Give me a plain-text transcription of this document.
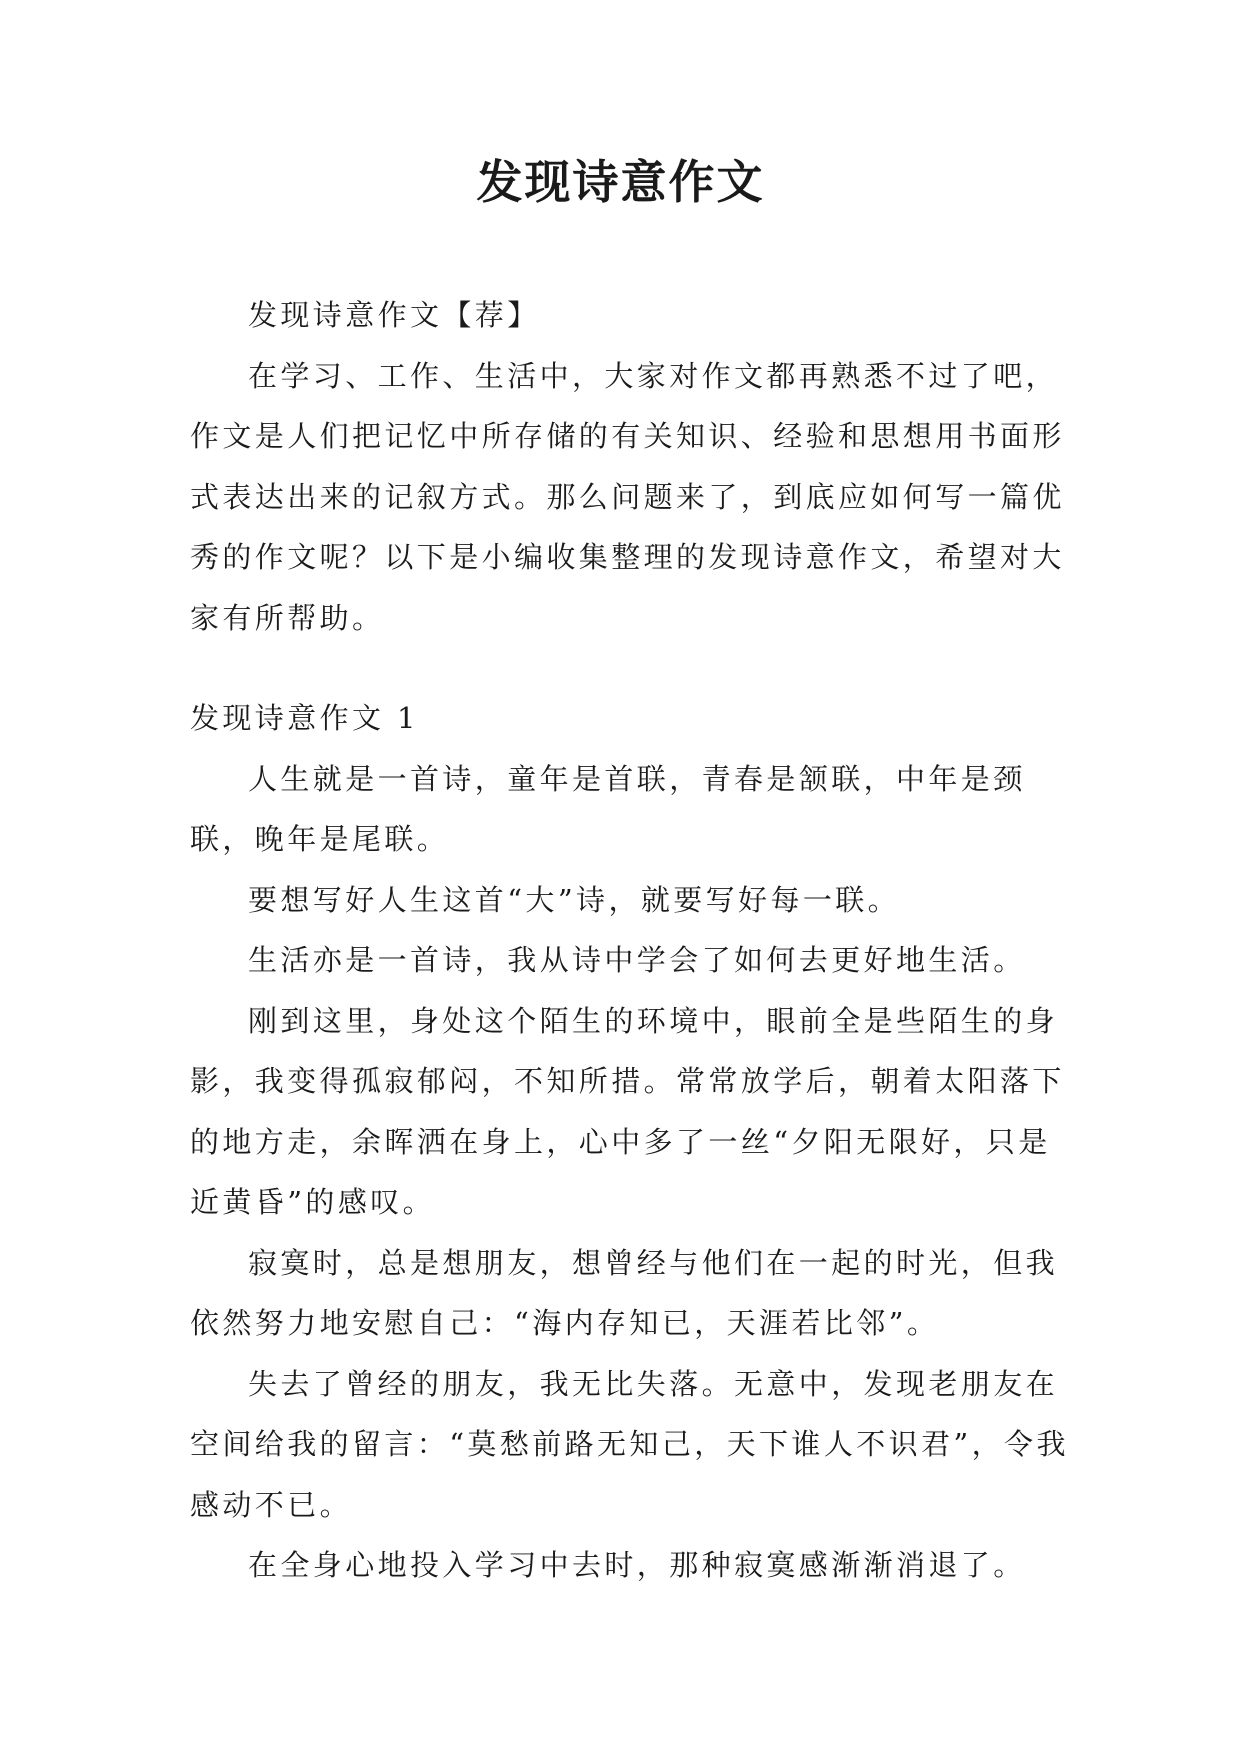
发现诗意作文

发现诗意作文【荐】

在学习、工作、生活中，大家对作文都再熟悉不过了吧，作文是人们把记忆中所存储的有关知识、经验和思想用书面形式表达出来的记叙方式。那么问题来了，到底应如何写一篇优秀的作文呢？以下是小编收集整理的发现诗意作文，希望对大家有所帮助。

发现诗意作文 1

人生就是一首诗，童年是首联，青春是颔联，中年是颈联，晚年是尾联。

要想写好人生这首“大”诗，就要写好每一联。

生活亦是一首诗，我从诗中学会了如何去更好地生活。

刚到这里，身处这个陌生的环境中，眼前全是些陌生的身影，我变得孤寂郁闷，不知所措。常常放学后，朝着太阳落下的地方走，余晖洒在身上，心中多了一丝“夕阳无限好，只是近黄昏”的感叹。

寂寞时，总是想朋友，想曾经与他们在一起的时光，但我依然努力地安慰自己：“海内存知已，天涯若比邻”。

失去了曾经的朋友，我无比失落。无意中，发现老朋友在空间给我的留言：“莫愁前路无知己，天下谁人不识君”，令我感动不已。

在全身心地投入学习中去时，那种寂寞感渐渐消退了。
